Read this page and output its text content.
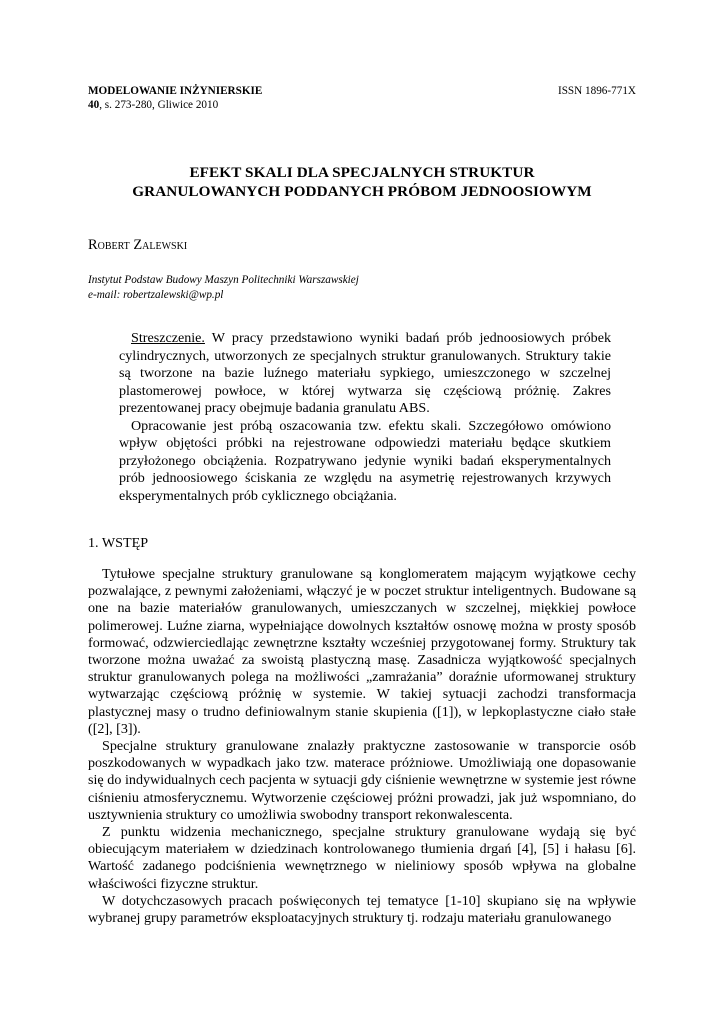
MODELOWANIE INŻYNIERSKIE	ISSN 1896-771X
40, s. 273-280, Gliwice 2010
EFEKT SKALI DLA SPECJALNYCH STRUKTUR
GRANULOWANYCH PODDANYCH PRÓBOM JEDNOOSIOWYM
Robert Zalewski
Instytut Podstaw Budowy Maszyn Politechniki Warszawskiej
e-mail: robertzalewski@wp.pl

Streszczenie. W pracy przedstawiono wyniki badań prób jednoosiowych próbek cylindrycznych, utworzonych ze specjalnych struktur granulowanych. Struktury takie są tworzone na bazie luźnego materiału sypkiego, umieszczonego w szczelnej plastomerowej powłoce, w której wytwarza się częściową próżnię. Zakres prezentowanej pracy obejmuje badania granulatu ABS.

Opracowanie jest próbą oszacowania tzw. efektu skali. Szczegółowo omówiono wpływ objętości próbki na rejestrowane odpowiedzi materiału będące skutkiem przyłożonego obciążenia. Rozpatrywano jedynie wyniki badań eksperymentalnych prób jednoosiowego ściskania ze względu na asymetrię rejestrowanych krzywych eksperymentalnych prób cyklicznego obciążania.

1. WSTĘP

Tytułowe specjalne struktury granulowane są konglomeratem mającym wyjątkowe cechy pozwalające, z pewnymi założeniami, włączyć je w poczet struktur inteligentnych. Budowane są one na bazie materiałów granulowanych, umieszczanych w szczelnej, miękkiej powłoce polimerowej. Luźne ziarna, wypełniające dowolnych kształtów osnowę można w prosty sposób formować, odzwierciedlając zewnętrzne kształty wcześniej przygotowanej formy. Struktury tak tworzone można uważać za swoistą plastyczną masę. Zasadnicza wyjątkowość specjalnych struktur granulowanych polega na możliwości „zamrażania” doraźnie uformowanej struktury wytwarzając częściową próżnię w systemie. W takiej sytuacji zachodzi transformacja plastycznej masy o trudno definiowalnym stanie skupienia ([1]), w lepkoplastyczne ciało stałe ([2], [3]).

Specjalne struktury granulowane znalazły praktyczne zastosowanie w transporcie osób poszkodowanych w wypadkach jako tzw. materace próżniowe. Umożliwiają one dopasowanie się do indywidualnych cech pacjenta w sytuacji gdy ciśnienie wewnętrzne w systemie jest równe ciśnieniu atmosferycznemu. Wytworzenie częściowej próżni prowadzi, jak już wspomniano, do usztywnienia struktury co umożliwia swobodny transport rekonwalescenta.

Z punktu widzenia mechanicznego, specjalne struktury granulowane wydają się być obiecującym materiałem w dziedzinach kontrolowanego tłumienia drgań [4], [5] i hałasu [6]. Wartość zadanego podciśnienia wewnętrznego w nieliniowy sposób wpływa na globalne właściwości fizyczne struktur.

W dotychczasowych pracach poświęconych tej tematyce [1-10] skupiano się na wpływie wybranej grupy parametrów eksploatacyjnych struktury tj. rodzaju materiału granulowanego
